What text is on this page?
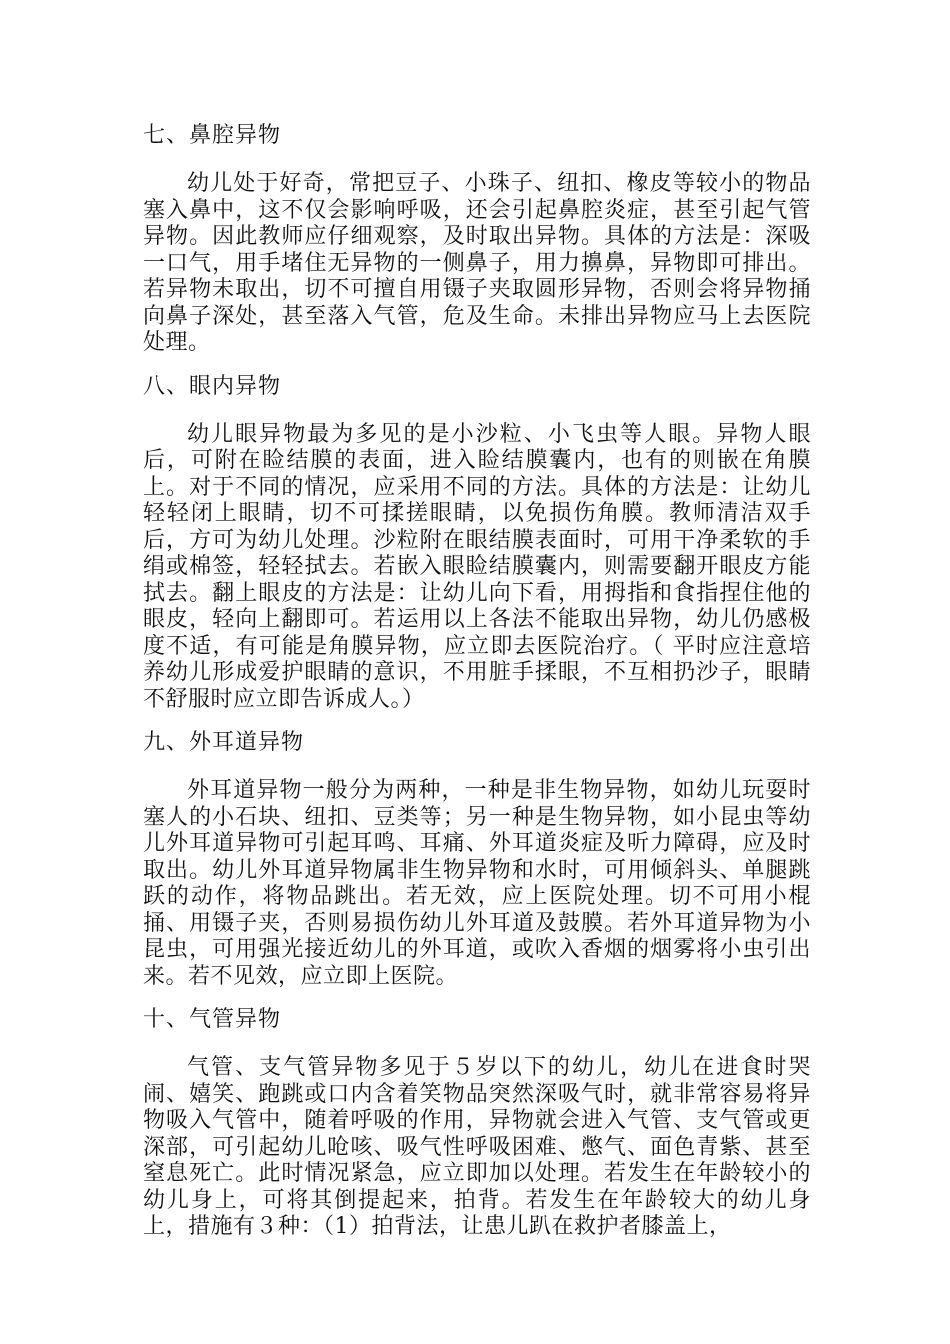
七、鼻腔异物

幼儿处于好奇，常把豆子、小珠子、纽扣、橡皮等较小的物品塞入鼻中，这不仅会影响呼吸，还会引起鼻腔炎症，甚至引起气管异物。因此教师应仔细观察，及时取出异物。具体的方法是：深吸一口气，用手堵住无异物的一侧鼻子，用力擤鼻，异物即可排出。若异物未取出，切不可擅自用镊子夹取圆形异物，否则会将异物捅向鼻子深处，甚至落入气管，危及生命。未排出异物应马上去医院处理。

八、眼内异物

幼儿眼异物最为多见的是小沙粒、小飞虫等人眼。异物人眼后，可附在睑结膜的表面，进入睑结膜囊内，也有的则嵌在角膜上。对于不同的情况，应采用不同的方法。具体的方法是：让幼儿轻轻闭上眼睛，切不可揉搓眼睛，以免损伤角膜。教师清洁双手后，方可为幼儿处理。沙粒附在眼结膜表面时，可用干净柔软的手绢或棉签，轻轻拭去。若嵌入眼睑结膜囊内，则需要翻开眼皮方能拭去。翻上眼皮的方法是：让幼儿向下看，用拇指和食指捏住他的眼皮，轻向上翻即可。若运用以上各法不能取出异物，幼儿仍感极度不适，有可能是角膜异物，应立即去医院治疗。（ 平时应注意培养幼儿形成爱护眼睛的意识，不用脏手揉眼，不互相扔沙子，眼睛不舒服时应立即告诉成人。）

九、外耳道异物

外耳道异物一般分为两种，一种是非生物异物，如幼儿玩耍时塞人的小石块、纽扣、豆类等；另一种是生物异物，如小昆虫等幼儿外耳道异物可引起耳鸣、耳痛、外耳道炎症及听力障碍，应及时取出。幼儿外耳道异物属非生物异物和水时，可用倾斜头、单腿跳跃的动作，将物品跳出。若无效，应上医院处理。切不可用小棍捅、用镊子夹，否则易损伤幼儿外耳道及鼓膜。若外耳道异物为小昆虫，可用强光接近幼儿的外耳道，或吹入香烟的烟雾将小虫引出来。若不见效，应立即上医院。

十、气管异物

气管、支气管异物多见于５岁以下的幼儿，幼儿在进食时哭闹、嬉笑、跑跳或口内含着笑物品突然深吸气时，就非常容易将异物吸入气管中，随着呼吸的作用，异物就会进入气管、支气管或更深部，可引起幼儿呛咳、吸气性呼吸困难、憋气、面色青紫、甚至窒息死亡。此时情况紧急，应立即加以处理。若发生在年龄较小的幼儿身上，可将其倒提起来，拍背。若发生在年龄较大的幼儿身上，措施有３种：（1）拍背法，让患儿趴在救护者膝盖上，
